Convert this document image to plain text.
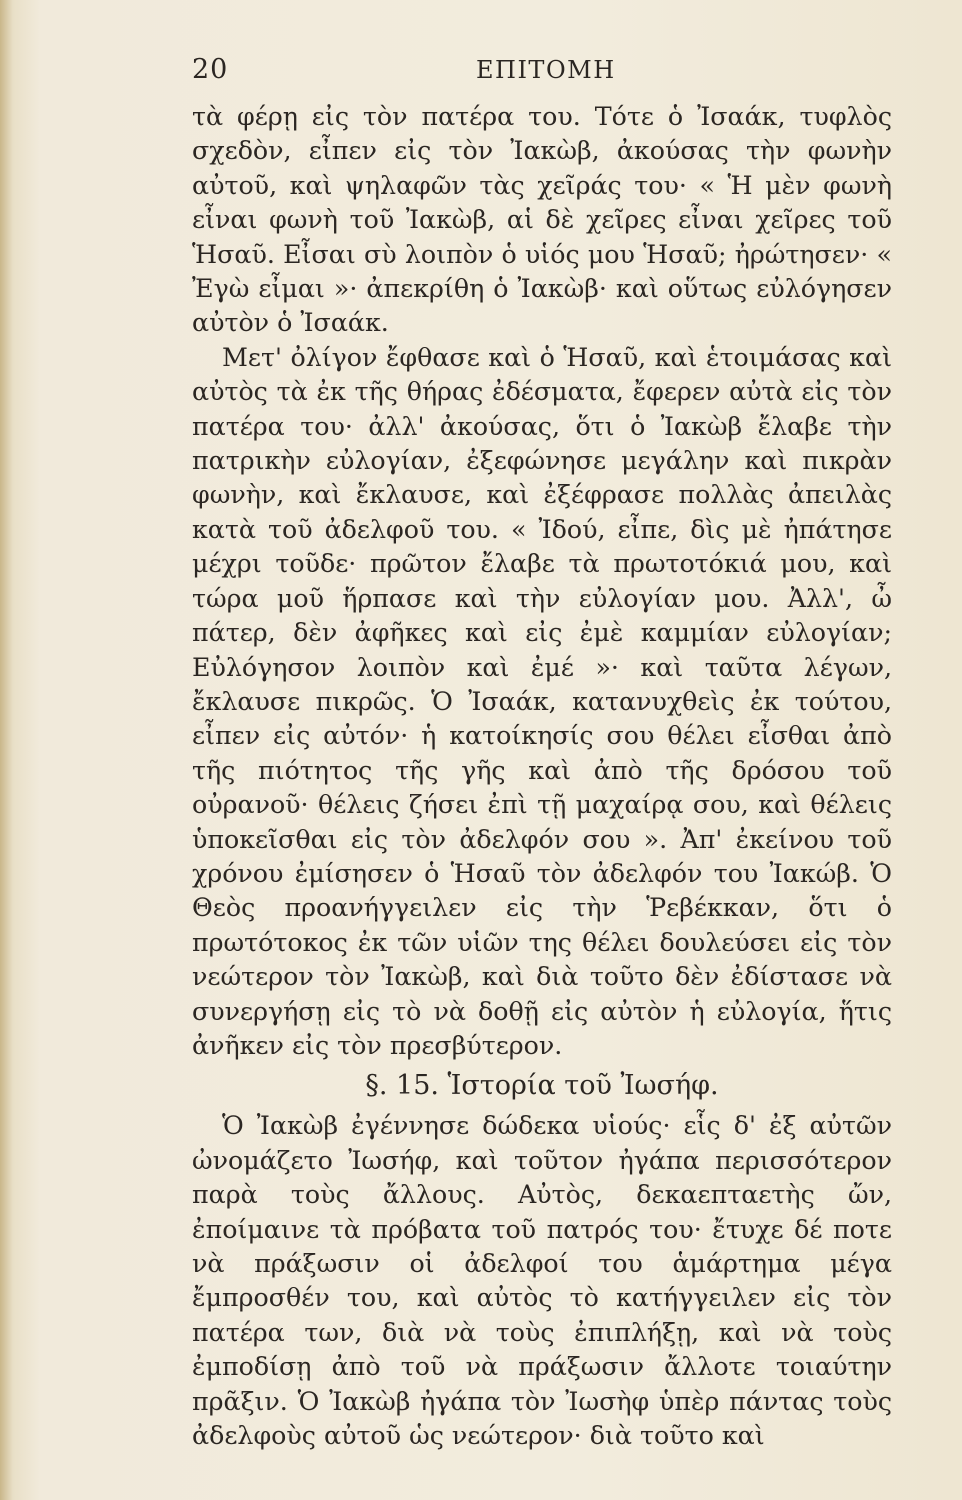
20	ΕΠΙΤΟΜΗ

τὰ φέρῃ εἰς τὸν πατέρα του. Τότε ὁ Ἰσαάκ, τυφλὸς σχεδὸν, εἶπεν εἰς τὸν Ἰακὼβ, ἀκούσας τὴν φωνὴν αὐτοῦ, καὶ ψηλαφῶν τὰς χεῖράς του· « Ἡ μὲν φωνὴ εἶναι φωνὴ τοῦ Ἰακὼβ, αἱ δὲ χεῖρες εἶναι χεῖρες τοῦ Ἡσαῦ. Εἶσαι σὺ λοιπὸν ὁ υἱός μου Ἡσαῦ; ἠρώτησεν· « Ἐγὼ εἶμαι »· ἀπεκρίθη ὁ Ἰακὼβ· καὶ οὕτως εὐλόγησεν αὐτὸν ὁ Ἰσαάκ.

Μετ' ὀλίγον ἔφθασε καὶ ὁ Ἡσαῦ, καὶ ἑτοιμάσας καὶ αὐτὸς τὰ ἐκ τῆς θήρας ἐδέσματα, ἔφερεν αὐτὰ εἰς τὸν πατέρα του· ἀλλ' ἀκούσας, ὅτι ὁ Ἰακὼβ ἔλαβε τὴν πατρικὴν εὐλογίαν, ἐξεφώνησε μεγάλην καὶ πικρὰν φωνὴν, καὶ ἔκλαυσε, καὶ ἐξέφρασε πολλὰς ἀπειλὰς κατὰ τοῦ ἀδελφοῦ του. « Ἰδού, εἶπε, δὶς μὲ ἠπάτησε μέχρι τοῦδε· πρῶτον ἔλαβε τὰ πρωτοτόκιά μου, καὶ τώρα μοῦ ἥρπασε καὶ τὴν εὐλογίαν μου. Ἀλλ', ὦ πάτερ, δὲν ἀφῆκες καὶ εἰς ἐμὲ καμμίαν εὐλογίαν; Εὐλόγησον λοιπὸν καὶ ἐμέ »· καὶ ταῦτα λέγων, ἔκλαυσε πικρῶς. Ὁ Ἰσαάκ, κατανυχθεὶς ἐκ τούτου, εἶπεν εἰς αὐτόν· ἡ κατοίκησίς σου θέλει εἶσθαι ἀπὸ τῆς πιότητος τῆς γῆς καὶ ἀπὸ τῆς δρόσου τοῦ οὐρανοῦ· θέλεις ζήσει ἐπὶ τῇ μαχαίρᾳ σου, καὶ θέλεις ὑποκεῖσθαι εἰς τὸν ἀδελφόν σου ». Ἀπ' ἐκείνου τοῦ χρόνου ἐμίσησεν ὁ Ἡσαῦ τὸν ἀδελφόν του Ἰακώβ. Ὁ Θεὸς προανήγγειλεν εἰς τὴν Ῥεβέκκαν, ὅτι ὁ πρωτότοκος ἐκ τῶν υἱῶν της θέλει δουλεύσει εἰς τὸν νεώτερον τὸν Ἰακὼβ, καὶ διὰ τοῦτο δὲν ἐδίστασε νὰ συνεργήσῃ εἰς τὸ νὰ δοθῇ εἰς αὐτὸν ἡ εὐλογία, ἥτις ἀνῆκεν εἰς τὸν πρεσβύτερον.

§. 15. Ἱστορία τοῦ Ἰωσήφ.

Ὁ Ἰακὼβ ἐγέννησε δώδεκα υἱούς· εἷς δ' ἐξ αὐτῶν ὠνομάζετο Ἰωσήφ, καὶ τοῦτον ἠγάπα περισσότερον παρὰ τοὺς ἄλλους. Αὐτὸς, δεκαεπταετὴς ὤν, ἐποίμαινε τὰ πρόβατα τοῦ πατρός του· ἔτυχε δέ ποτε νὰ πράξωσιν οἱ ἀδελφοί του ἁμάρτημα μέγα ἔμπροσθέν του, καὶ αὐτὸς τὸ κατήγγειλεν εἰς τὸν πατέρα των, διὰ νὰ τοὺς ἐπιπλήξῃ, καὶ νὰ τοὺς ἐμποδίσῃ ἀπὸ τοῦ νὰ πράξωσιν ἄλλοτε τοιαύτην πρᾶξιν. Ὁ Ἰακὼβ ἠγάπα τὸν Ἰωσὴφ ὑπὲρ πάντας τοὺς ἀδελφοὺς αὐτοῦ ὡς νεώτερον· διὰ τοῦτο καὶ
